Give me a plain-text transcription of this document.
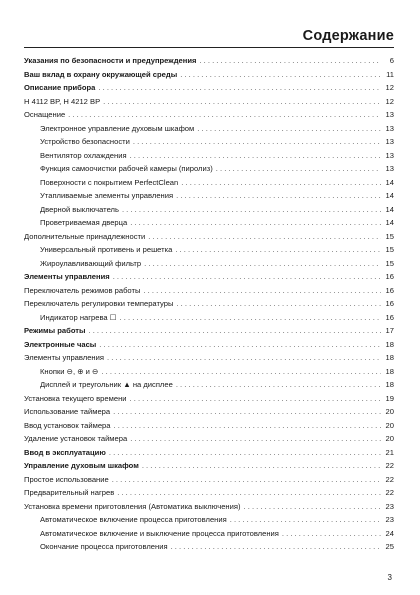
Содержание
Указания по безопасности и предупреждения . . .	6
Ваш вклад в охрану окружающей среды . . .	11
Описание прибора . . .	12
H 4112 BP, H 4212 BP . . .	12
Оснащение . . .	13
Электронное управление духовым шкафом . . .	13
Устройство безопасности . . .	13
Вентилятор охлаждения . . .	13
Функция самоочистки рабочей камеры (пиролиз) . . .	13
Поверхности с покрытием PerfectClean . . .	14
Утапливаемые элементы управления . . .	14
Дверной выключатель . . .	14
Проветриваемая дверца . . .	14
Дополнительные принадлежности . . .	15
Универсальный противень и решетка . . .	15
Жироулавливающий фильтр . . .	15
Элементы управления . . .	16
Переключатель режимов работы . . .	16
Переключатель регулировки температуры . . .	16
Индикатор нагрева ☐ . . .	16
Режимы работы . . .	17
Электронные часы . . .	18
Элементы управления . . .	18
Кнопки ⊖, ⊕ и ⊖ . . .	18
Дисплей и треугольник ▲ на дисплее . . .	18
Установка текущего времени . . .	19
Использование таймера . . .	20
Ввод установок таймера . . .	20
Удаление установок таймера . . .	20
Ввод в эксплуатацию . . .	21
Управление духовым шкафом . . .	22
Простое использование . . .	22
Предварительный нагрев . . .	22
Установка времени приготовления (Автоматика выключения) . . .	23
Автоматическое включение процесса приготовления . . .	23
Автоматическое включение и выключение процесса приготовления . . .	24
Окончание процесса приготовления . . .	25
3
